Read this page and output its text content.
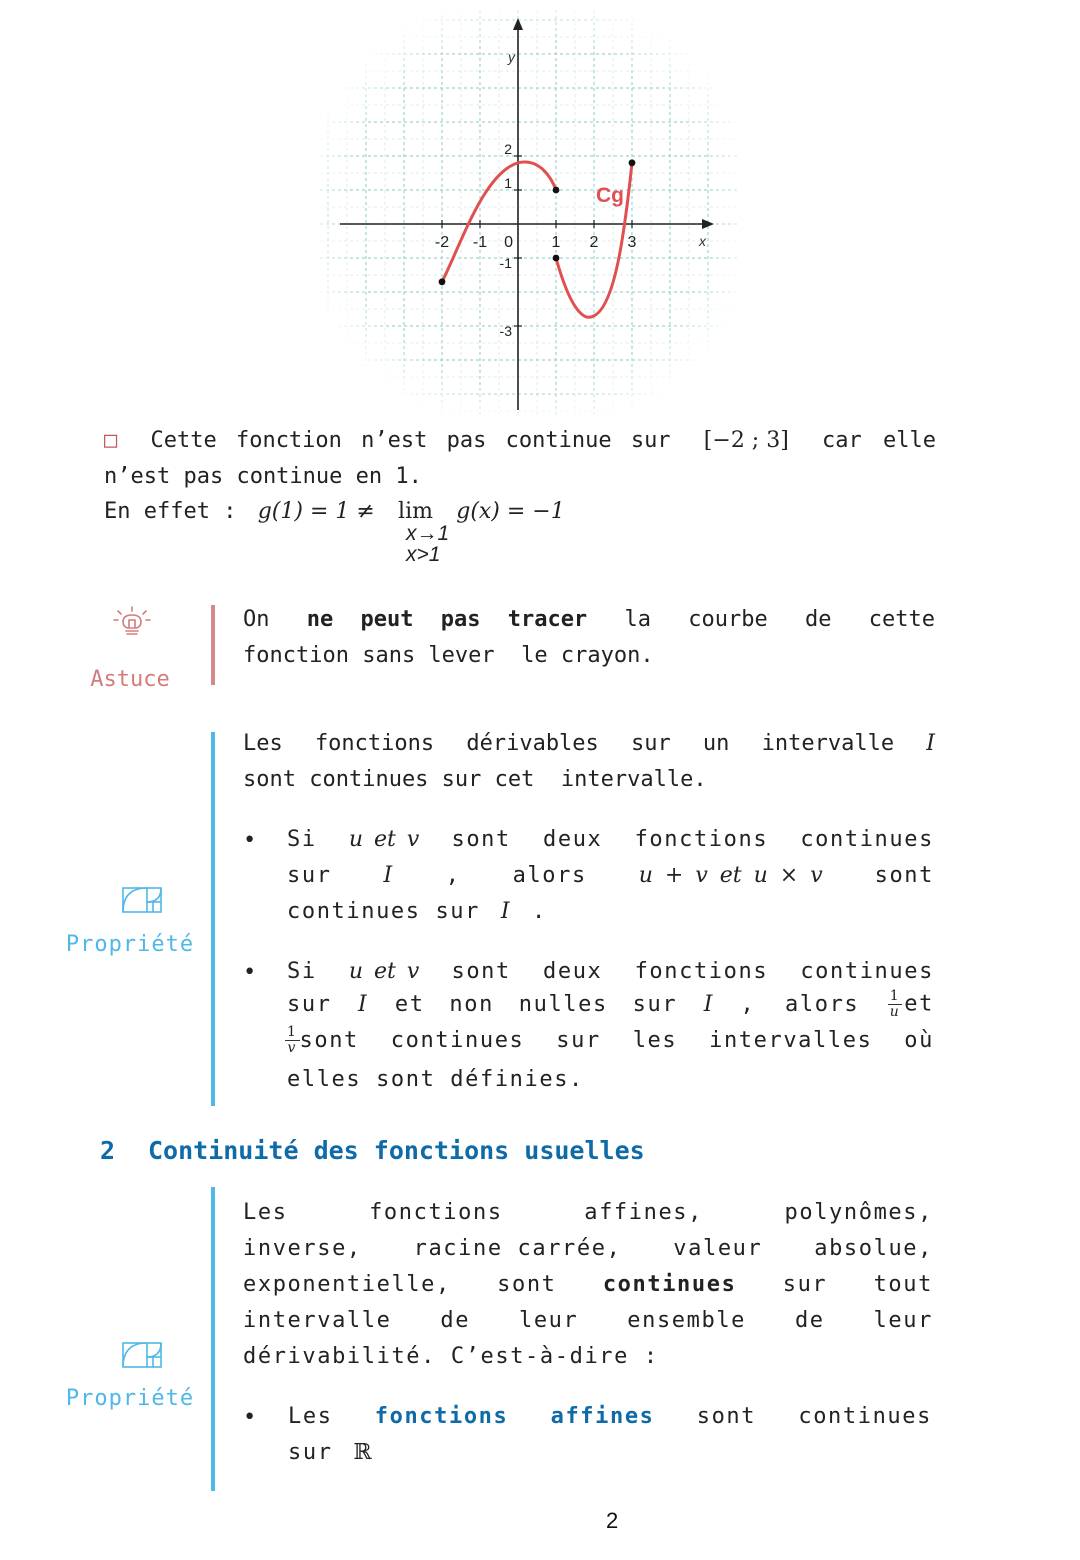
-2 -1 0 1 2 3
2
1
-1
-3
Cg
x
y
□ Cette fonction n’est pas continue sur [−2 ; 3] car elle
n’est pas continue en 1.
En effet : g(1) = 1 ≠ lim g(x) = −1
x→1
x>1
Astuce
On ne peut pas tracer la courbe de cette
fonction sans lever  le crayon.
Propriété
Les fonctions dérivables sur un intervalle I
sont continues sur cet  intervalle.
• Si u et v sont deux fonctions continues
sur I , alors u + v et u × v sont
continues sur I .
• Si u et v sont deux fonctions continues
sur I et non nulles sur I ,  alors $\frac{1}{u}$ et
$\frac{1}{v}$ sont continues sur les intervalles où
elles sont définies.
2 Continuité des fonctions usuelles
Propriété
Les	fonctions	affines,	polynômes,
inverse, racine carrée, valeur absolue,
exponentielle, sont continues sur tout
intervalle de leur ensemble de leur
dérivabilité. C’est-à-dire :
• Les fonctions affines sont continues
sur ℝ
2
